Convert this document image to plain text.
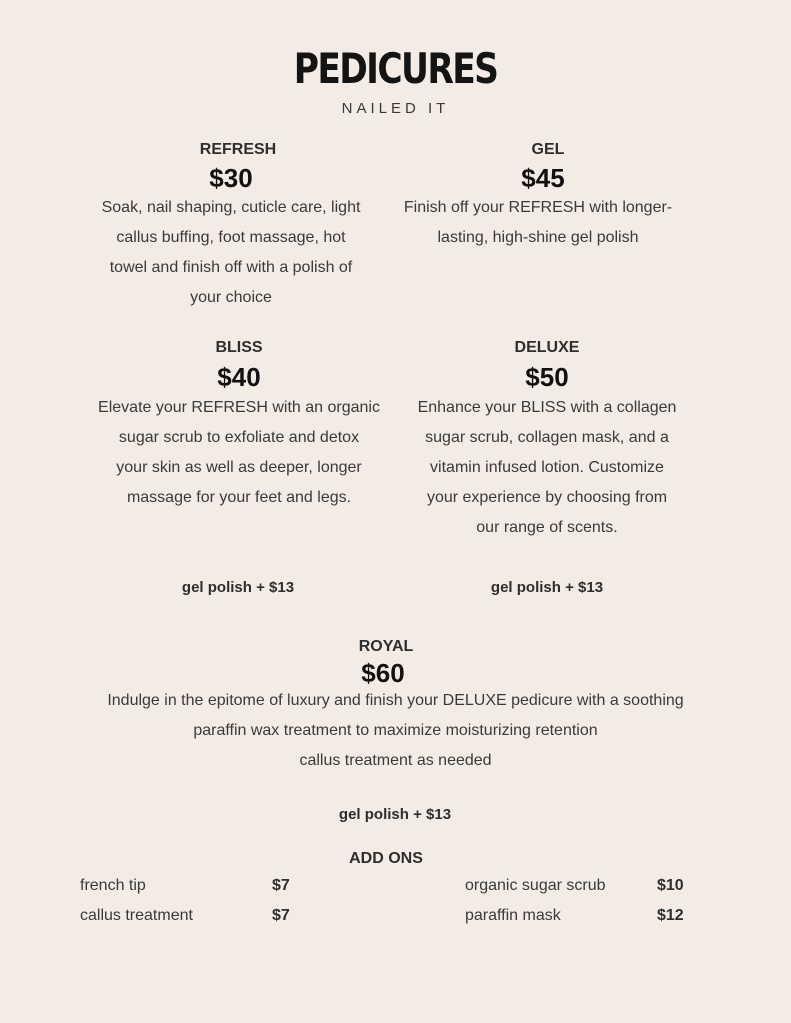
PEDICURES
NAILED IT
REFRESH
$30
Soak, nail shaping, cuticle care, light
callus buffing, foot massage, hot
towel and finish off with a polish of
your choice
GEL
$45
Finish off your REFRESH with longer-
lasting, high-shine gel polish
BLISS
$40
Elevate your REFRESH with an organic
sugar scrub to exfoliate and detox
your skin as well as deeper, longer
massage for your feet and legs.
DELUXE
$50
Enhance your BLISS with a collagen
sugar scrub, collagen mask, and a
vitamin infused lotion. Customize
your experience by choosing from
our range of scents.
gel polish + $13	gel polish + $13
ROYAL
$60
Indulge in the epitome of luxury and finish your DELUXE pedicure with a soothing
paraffin wax treatment to maximize moisturizing retention
callus treatment as needed
gel polish + $13
ADD ONS
french tip	$7
callus treatment	$7
organic sugar scrub	$10
paraffin mask	$12
